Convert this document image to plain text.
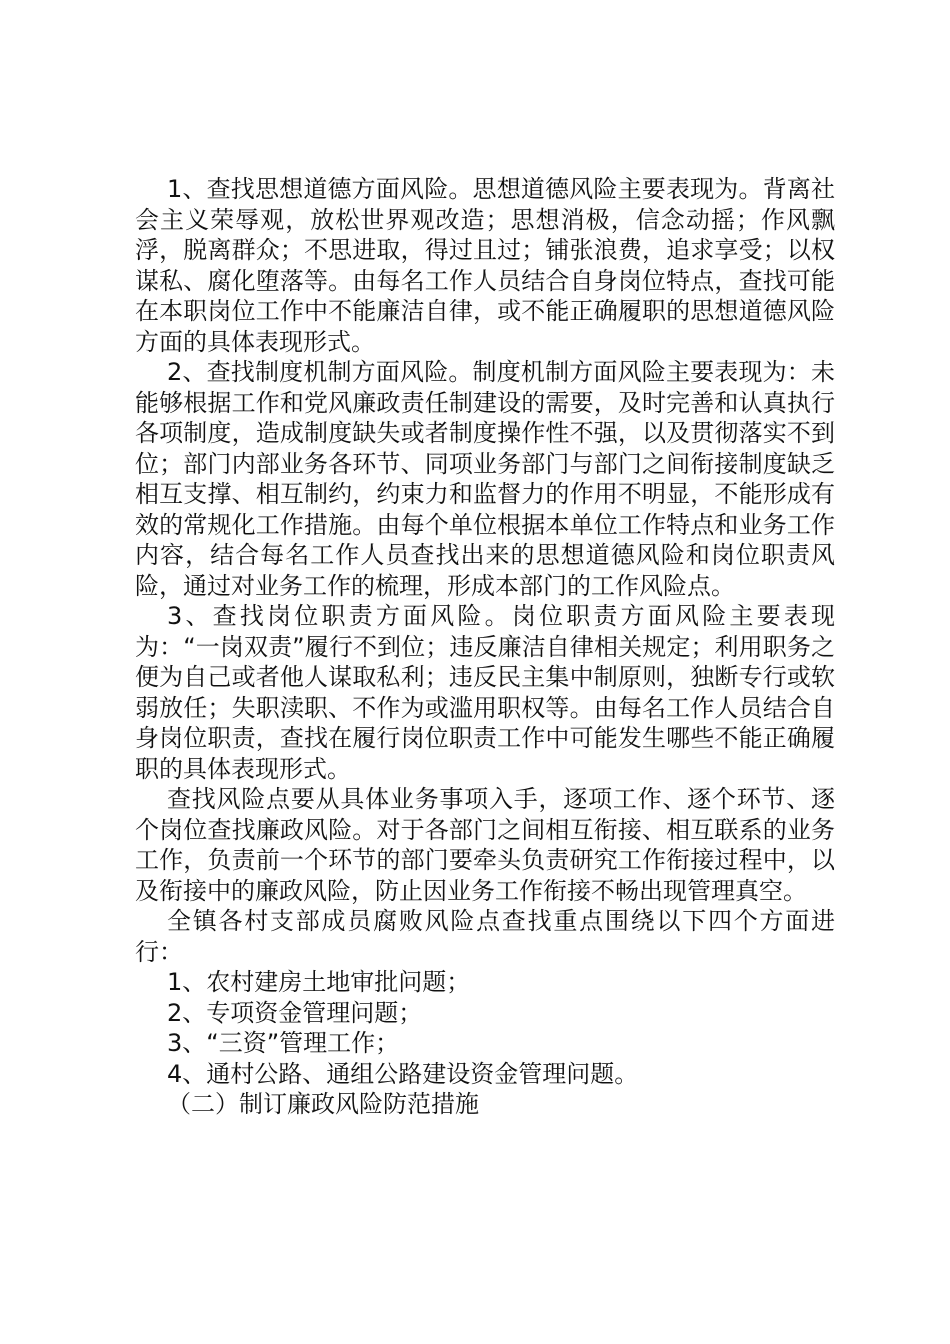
1、查找思想道德方面风险。思想道德风险主要表现为。背离社会主义荣辱观，放松世界观改造；思想消极，信念动摇；作风飘浮，脱离群众；不思进取，得过且过；铺张浪费，追求享受；以权谋私、腐化堕落等。由每名工作人员结合自身岗位特点，查找可能在本职岗位工作中不能廉洁自律，或不能正确履职的思想道德风险方面的具体表现形式。

2、查找制度机制方面风险。制度机制方面风险主要表现为：未能够根据工作和党风廉政责任制建设的需要，及时完善和认真执行各项制度，造成制度缺失或者制度操作性不强，以及贯彻落实不到位；部门内部业务各环节、同项业务部门与部门之间衔接制度缺乏相互支撑、相互制约，约束力和监督力的作用不明显，不能形成有效的常规化工作措施。由每个单位根据本单位工作特点和业务工作内容，结合每名工作人员查找出来的思想道德风险和岗位职责风险，通过对业务工作的梳理，形成本部门的工作风险点。

3、查找岗位职责方面风险。岗位职责方面风险主要表现为：“一岗双责”履行不到位；违反廉洁自律相关规定；利用职务之便为自己或者他人谋取私利；违反民主集中制原则，独断专行或软弱放任；失职渎职、不作为或滥用职权等。由每名工作人员结合自身岗位职责，查找在履行岗位职责工作中可能发生哪些不能正确履职的具体表现形式。

查找风险点要从具体业务事项入手，逐项工作、逐个环节、逐个岗位查找廉政风险。对于各部门之间相互衔接、相互联系的业务工作，负责前一个环节的部门要牵头负责研究工作衔接过程中，以及衔接中的廉政风险，防止因业务工作衔接不畅出现管理真空。

全镇各村支部成员腐败风险点查找重点围绕以下四个方面进行：

1、农村建房土地审批问题；

2、专项资金管理问题；

3、“三资”管理工作；

4、通村公路、通组公路建设资金管理问题。

（二）制订廉政风险防范措施
